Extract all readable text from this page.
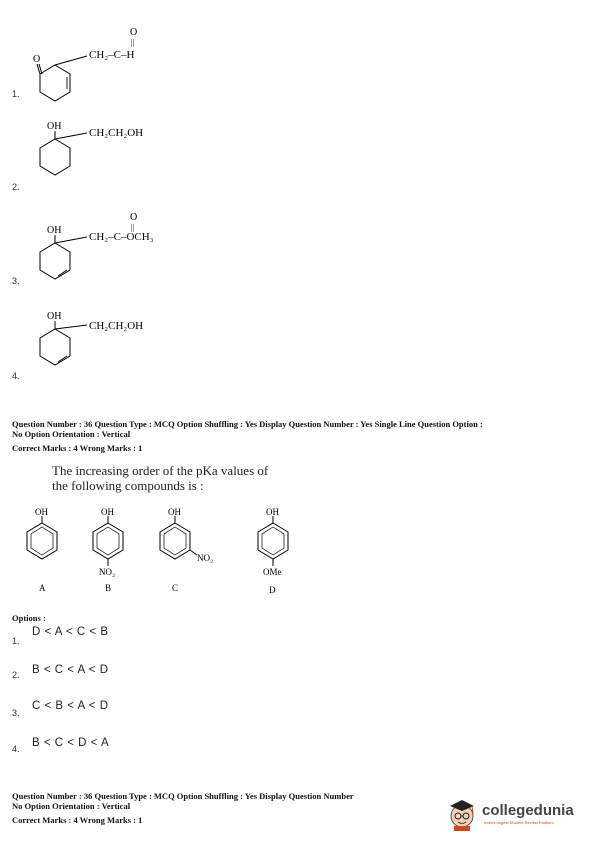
O	CH₂–C–H
O
||
1.
OH
CH₂CH₂OH
2.
OH
CH₂–C–OCH₃
O
||
3.
OH
CH₂CH₂OH
4.
Question Number : 36 Question Type : MCQ Option Shuffling : Yes Display Question Number : Yes Single Line Question Option :
No Option Orientation : Vertical
Correct Marks : 4 Wrong Marks : 1
The increasing order of the pKa values of
the following compounds is :
OH
A
OH
NO₂
B
OH
NO₂
C
OH
OMe
D
Options :
1.
D < A < C < B
2. B < C < A < D
3.
C < B < A < D
4. B < C < D < A
Question Number : 36 Question Type : MCQ Option Shuffling : Yes Display Question Number
No Option Orientation : Vertical
Correct Marks : 4 Wrong Marks : 1
collegedunia
India's largest Student Review Platform
